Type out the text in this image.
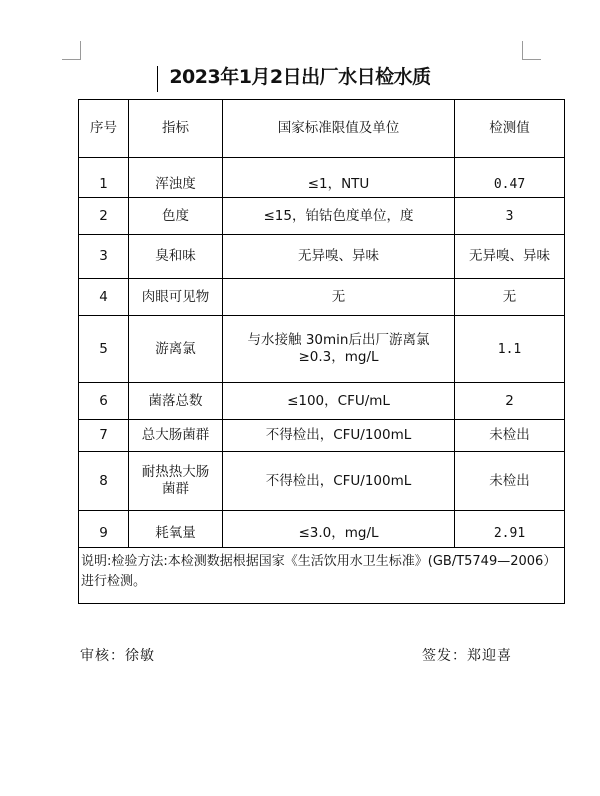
2023年1月2日出厂水日检水质
序号	指标	国家标准限值及单位	检测值
1	浑浊度	≤1，NTU	0.47
2	色度	≤15，铂钴色度单位，度	3
3	臭和味	无异嗅、异味	无异嗅、异味
4	肉眼可见物	无	无
5	游离氯	与水接触 30min后出厂游离氯≥0.3，mg/L	1.1
6	菌落总数	≤100，CFU/mL	2
7	总大肠菌群	不得检出，CFU/100mL	未检出
8	耐热热大肠菌群	不得检出，CFU/100mL	未检出
9	耗氧量	≤3.0，mg/L	2.91
说明:检验方法:本检测数据根据国家《生活饮用水卫生标准》(GB/T5749—2006）进行检测。			
审核：徐敏	签发：郑迎喜
